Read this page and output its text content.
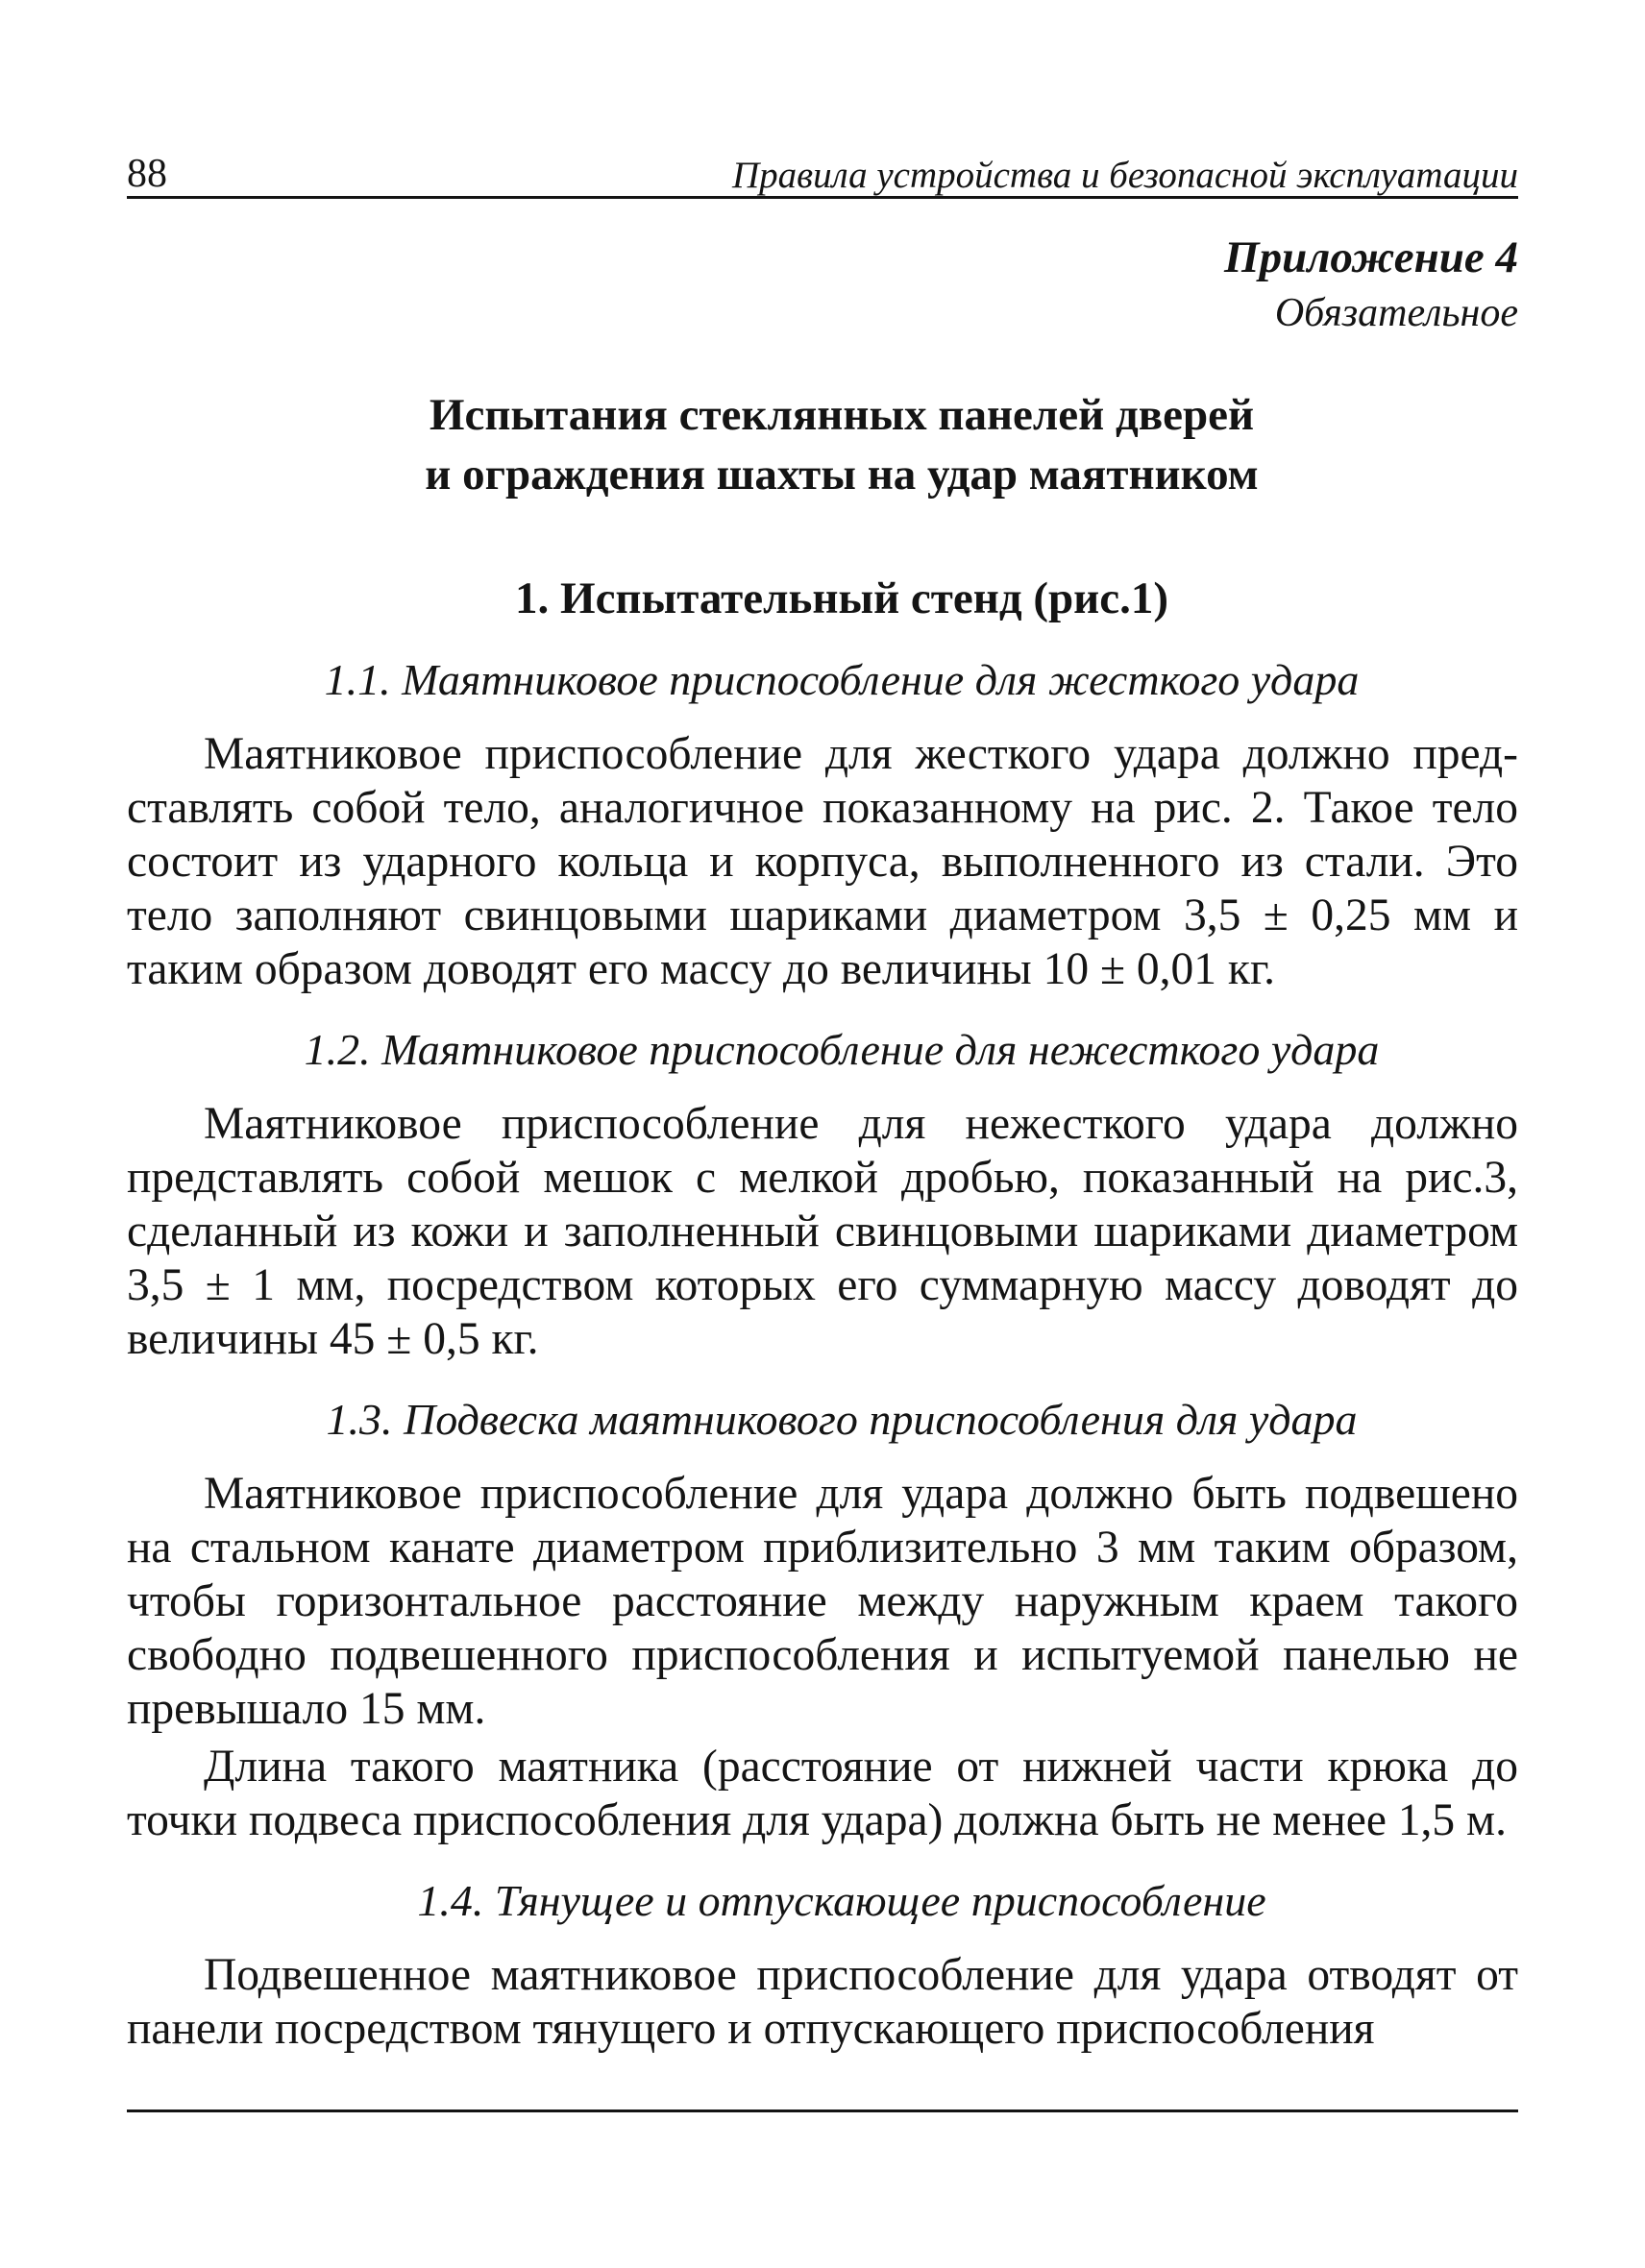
88	Правила устройства и безопасной эксплуатации
Приложение 4
Обязательное
Испытания стеклянных панелей дверей
и ограждения шахты на удар маятником
1. Испытательный стенд (рис.1)
1.1. Маятниковое приспособление для жесткого удара

Маятниковое приспособление для жесткого удара должно представлять собой тело, аналогичное показанному на рис. 2. Такое тело состоит из ударного кольца и корпуса, выполненного из стали. Это тело заполняют свинцовыми шариками диаметром 3,5 ± 0,25 мм и таким образом доводят его массу до величины 10 ± 0,01 кг.

1.2. Маятниковое приспособление для нежесткого удара

Маятниковое приспособление для нежесткого удара должно представлять собой мешок с мелкой дробью, показанный на рис.3, сделанный из кожи и заполненный свинцовыми шариками диаметром 3,5 ± 1 мм, посредством которых его суммарную массу доводят до величины 45 ± 0,5 кг.

1.3. Подвеска маятникового приспособления для удара

Маятниковое приспособление для удара должно быть подвешено на стальном канате диаметром приблизительно 3 мм таким образом, чтобы горизонтальное расстояние между наружным краем такого свободно подвешенного приспособления и испытуемой панелью не превышало 15 мм.

Длина такого маятника (расстояние от нижней части крюка до точки подвеса приспособления для удара) должна быть не менее 1,5 м.

1.4. Тянущее и отпускающее приспособление

Подвешенное маятниковое приспособление для удара отводят от панели посредством тянущего и отпускающего приспособления
